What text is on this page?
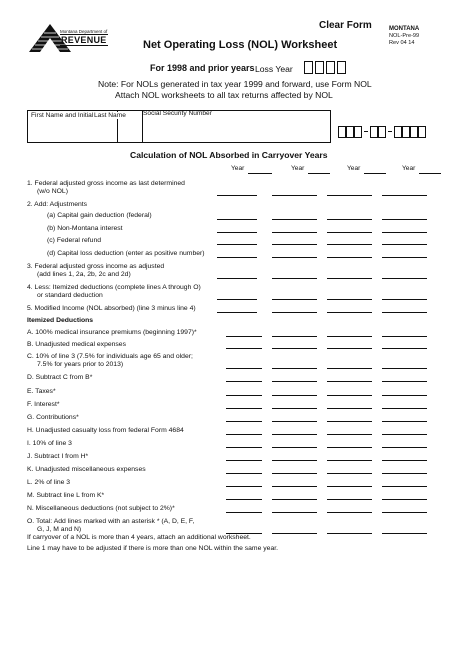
Montana Department of
REVENUE
Clear Form	MONTANA
NOL-Pre-99
Rev 04 14
Net Operating Loss (NOL) Worksheet
For 1998 and prior years Loss Year
Note: For NOLs generated in tax year 1999 and forward, use Form NOL
Attach NOL worksheets to all tax returns affected by NOL
First Name and Initial Last Name	Social Security Number
Calculation of NOL Absorbed in Carryover Years
Year	Year	Year	Year
1. Federal adjusted gross income as last determined
(w/o NOL)
2. Add: Adjustments
(a) Capital gain deduction (federal)
(b) Non-Montana interest
(c) Federal refund
(d) Capital loss deduction (enter as positive number)
3. Federal adjusted gross income as adjusted
(add lines 1, 2a, 2b, 2c and 2d)
4. Less: Itemized deductions (complete lines A through O)
or standard deduction
5. Modified Income (NOL absorbed) (line 3 minus line 4)
Itemized Deductions
A. 100% medical insurance premiums (beginning 1997)*
B. Unadjusted medical expenses
C. 10% of line 3 (7.5% for individuals age 65 and older;
7.5% for years prior to 2013)
D. Subtract C from B*
E. Taxes*
F. Interest*
G. Contributions*
H. Unadjusted casualty loss from federal Form 4684
I. 10% of line 3
J. Subtract I from H*
K. Unadjusted miscellaneous expenses
L. 2% of line 3
M. Subtract line L from K*
N. Miscellaneous deductions (not subject to 2%)*
O. Total: Add lines marked with an asterisk * (A, D, E, F,
G, J, M and N)
If carryover of a NOL is more than 4 years, attach an additional worksheet.
Line 1 may have to be adjusted if there is more than one NOL within the same year.
